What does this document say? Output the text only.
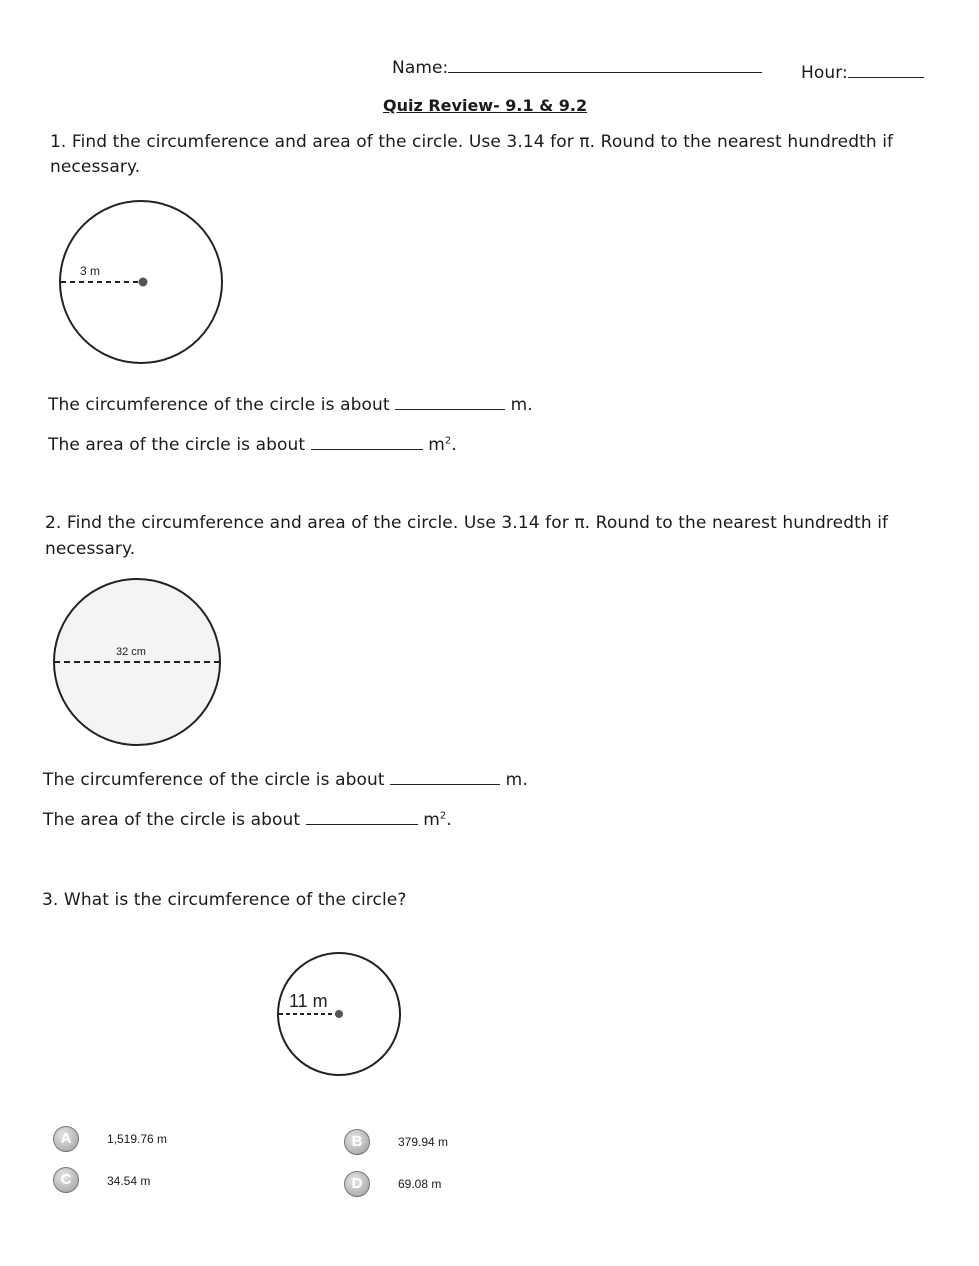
Name:	Hour:
Quiz Review- 9.1 & 9.2
1. Find the circumference and area of the circle. Use 3.14 for π. Round to the nearest hundredth if
necessary.
3 m
The circumference of the circle is about	m.
The area of the circle is about	$m^2$.
2. Find the circumference and area of the circle. Use 3.14 for π. Round to the nearest hundredth if
necessary.
32 cm
The circumference of the circle is about	m.
The area of the circle is about	$m^2$.
3. What is the circumference of the circle?
11 m
A	1,519.76 m	B	379.94 m
C	34.54 m	D	69.08 m
